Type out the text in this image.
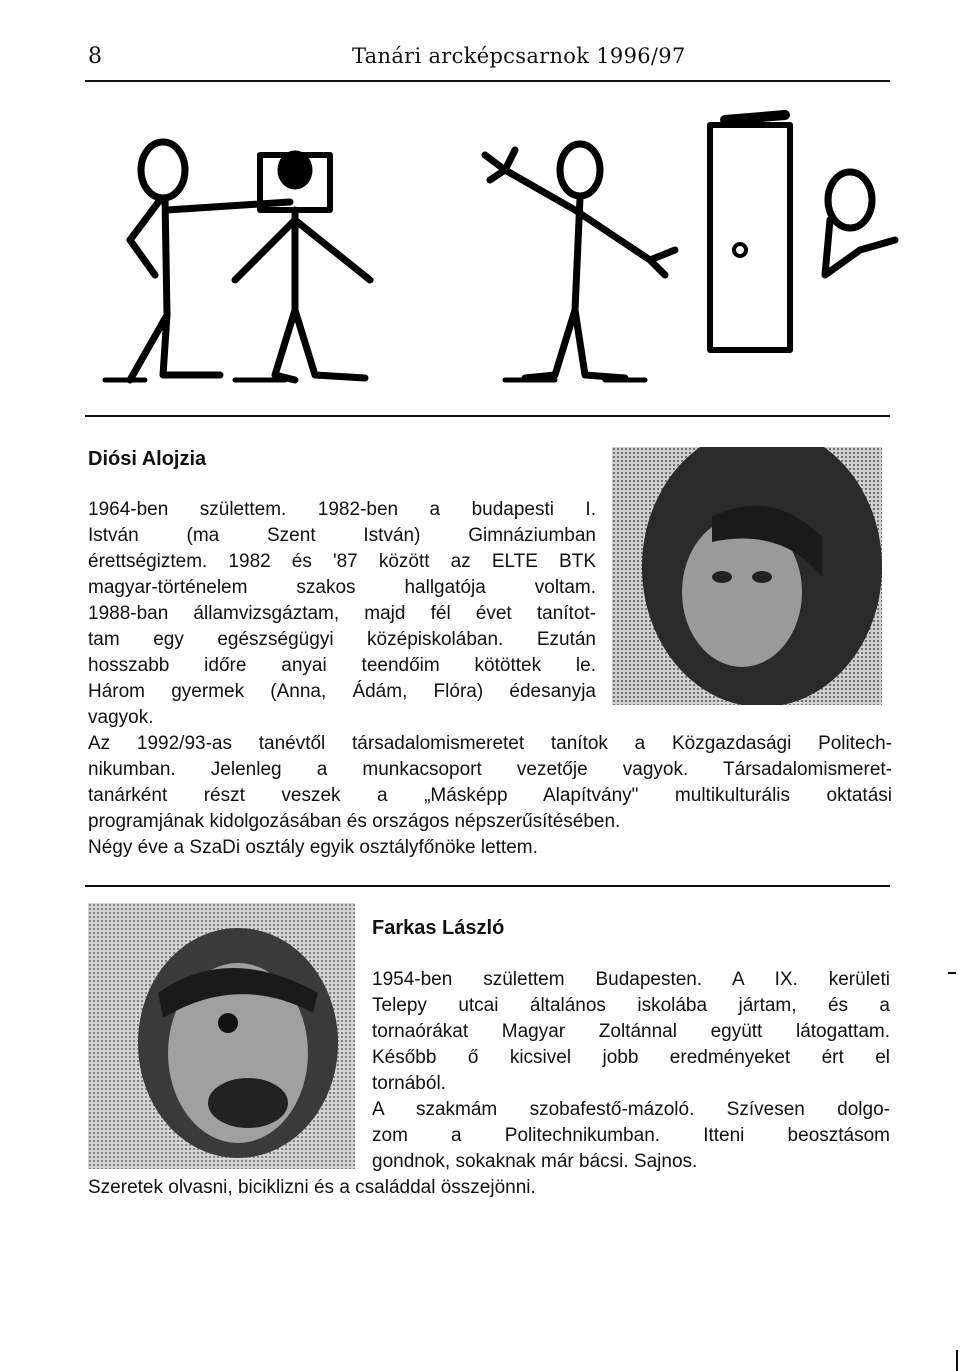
8	Tanári arcképcsarnok 1996/97
Diósi Alojzia

1964-ben születtem. 1982-ben a budapesti I.

István (ma Szent István) Gimnáziumban

érettségiztem. 1982 és '87 között az ELTE BTK

magyar-történelem szakos hallgatója voltam.

1988-ban államvizsgáztam, majd fél évet tanítot-

tam egy egészségügyi középiskolában. Ezután

hosszabb időre anyai teendőim kötöttek le.

Három gyermek (Anna, Ádám, Flóra) édesanyja

vagyok.

Az 1992/93-as tanévtől társadalomismeretet tanítok a Közgazdasági Politech-

nikumban. Jelenleg a munkacsoport vezetője vagyok. Társadalomismeret-

tanárként részt veszek a „Másképp Alapítvány" multikulturális oktatási

programjának kidolgozásában és országos népszerűsítésében.

Négy éve a SzaDi osztály egyik osztályfőnöke lettem.

Farkas László

1954-ben születtem Budapesten. A IX. kerületi

Telepy utcai általános iskolába jártam, és a

tornaórákat Magyar Zoltánnal együtt látogattam.

Később ő kicsivel jobb eredményeket ért el

tornából.

A szakmám szobafestő-mázoló. Szívesen dolgo-

zom a Politechnikumban. Itteni beosztásom

gondnok, sokaknak már bácsi. Sajnos.

Szeretek olvasni, biciklizni és a családdal összejönni.
